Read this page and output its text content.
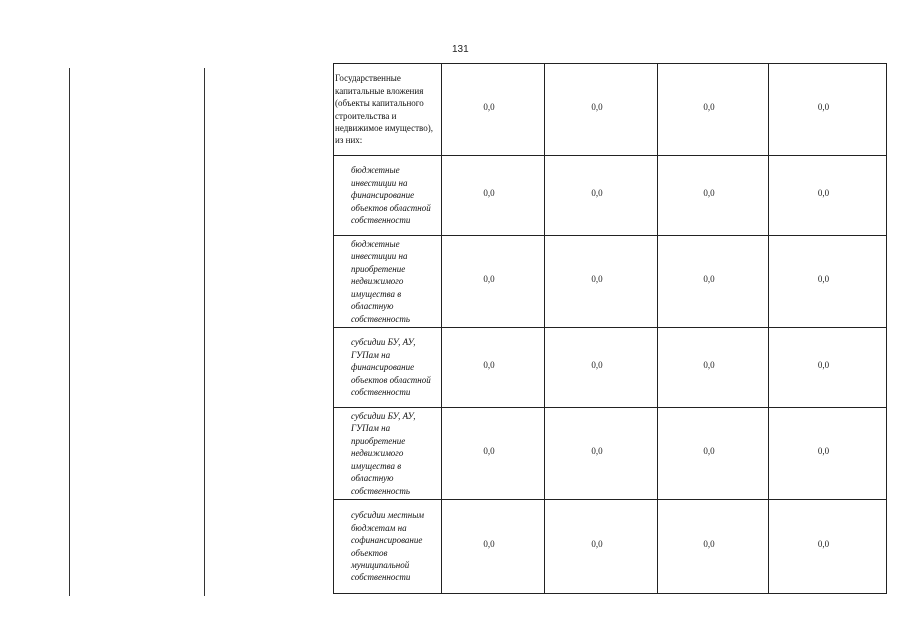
131
Государственные капитальные вложения (объекты капитального строительства и недвижимое имущество), из них:	0,0	0,0	0,0	0,0
бюджетные инвестиции на финансирование объектов областной собственности	0,0	0,0	0,0	0,0
бюджетные инвестиции на приобретение недвижимого имущества в областную собственность	0,0	0,0	0,0	0,0
субсидии БУ, АУ, ГУПам на финансирование объектов областной собственности	0,0	0,0	0,0	0,0
субсидии БУ, АУ, ГУПам на приобретение недвижимого имущества в областную собственность	0,0	0,0	0,0	0,0
субсидии местным бюджетам на софинансирование объектов муниципальной собственности	0,0	0,0	0,0	0,0
